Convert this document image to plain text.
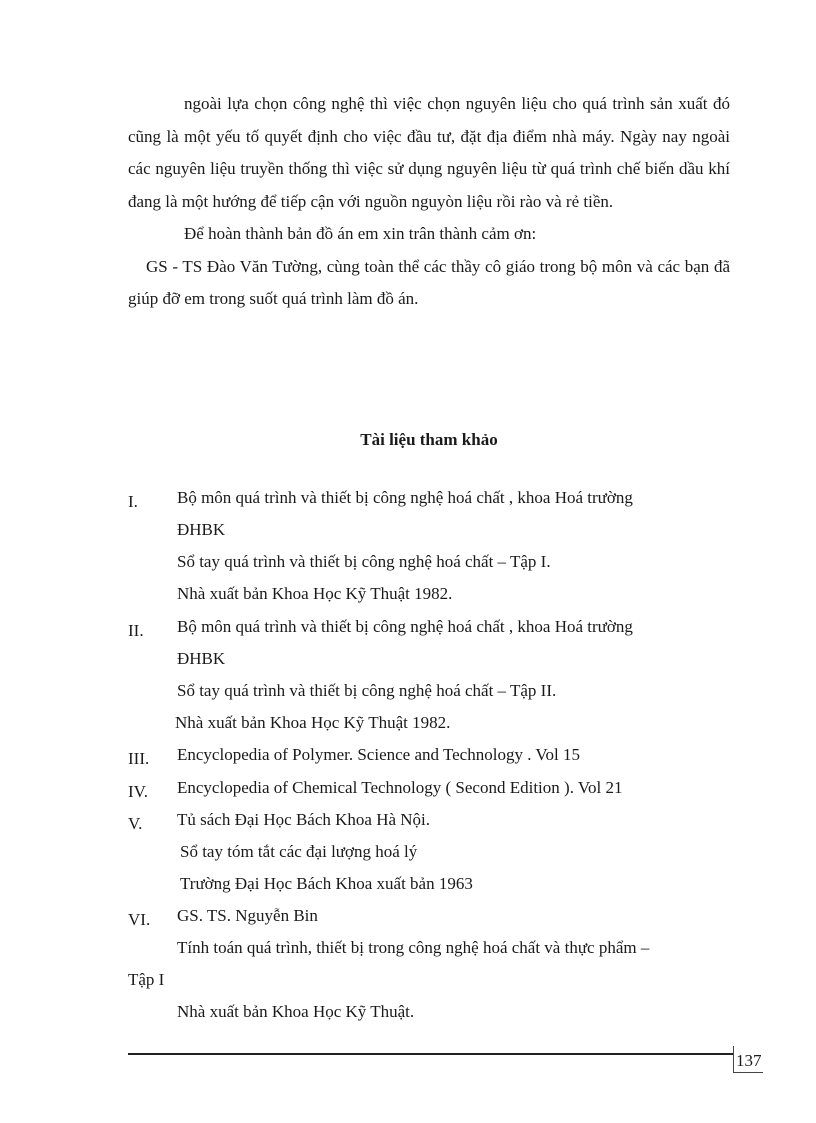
ngoài lựa chọn công nghệ thì việc chọn nguyên liệu cho quá trình sản xuất đó cũng là một yếu tố quyết định cho việc đầu tư, đặt địa điểm nhà máy. Ngày nay ngoài các nguyên liệu truyền thống thì việc sử dụng nguyên liệu từ quá trình chế biến dầu khí đang là một hướng để tiếp cận với nguồn nguyòn liệu rồi rào và rẻ tiền.

Để hoàn thành bản đồ án em xin trân thành cảm ơn:

GS - TS Đào Văn Tường, cùng toàn thể các thầy cô giáo trong bộ môn và các bạn đã giúp đỡ em trong suốt quá trình làm đồ án.

Tài liệu tham khảo
I. Bộ môn quá trình và thiết bị công nghệ hoá chất , khoa Hoá trường
ĐHBK
Sổ tay quá trình và thiết bị công nghệ hoá chất – Tập I.
Nhà xuất bản Khoa Học Kỹ Thuật 1982.
II. Bộ môn quá trình và thiết bị công nghệ hoá chất , khoa Hoá trường
ĐHBK
Sổ tay quá trình và thiết bị công nghệ hoá chất – Tập II.
Nhà xuất bản Khoa Học Kỹ Thuật 1982.
III. Encyclopedia of Polymer. Science and Technology . Vol 15
IV. Encyclopedia of Chemical Technology ( Second Edition ). Vol 21
V. Tủ sách Đại Học Bách Khoa Hà Nội.
Sổ tay tóm tắt các đại lượng hoá lý
Trường Đại Học Bách Khoa xuất bản 1963
VI. GS. TS. Nguyễn Bin
Tính toán quá trình, thiết bị trong công nghệ hoá chất và thực phẩm –
Tập I
Nhà xuất bản Khoa Học Kỹ Thuật.
137
